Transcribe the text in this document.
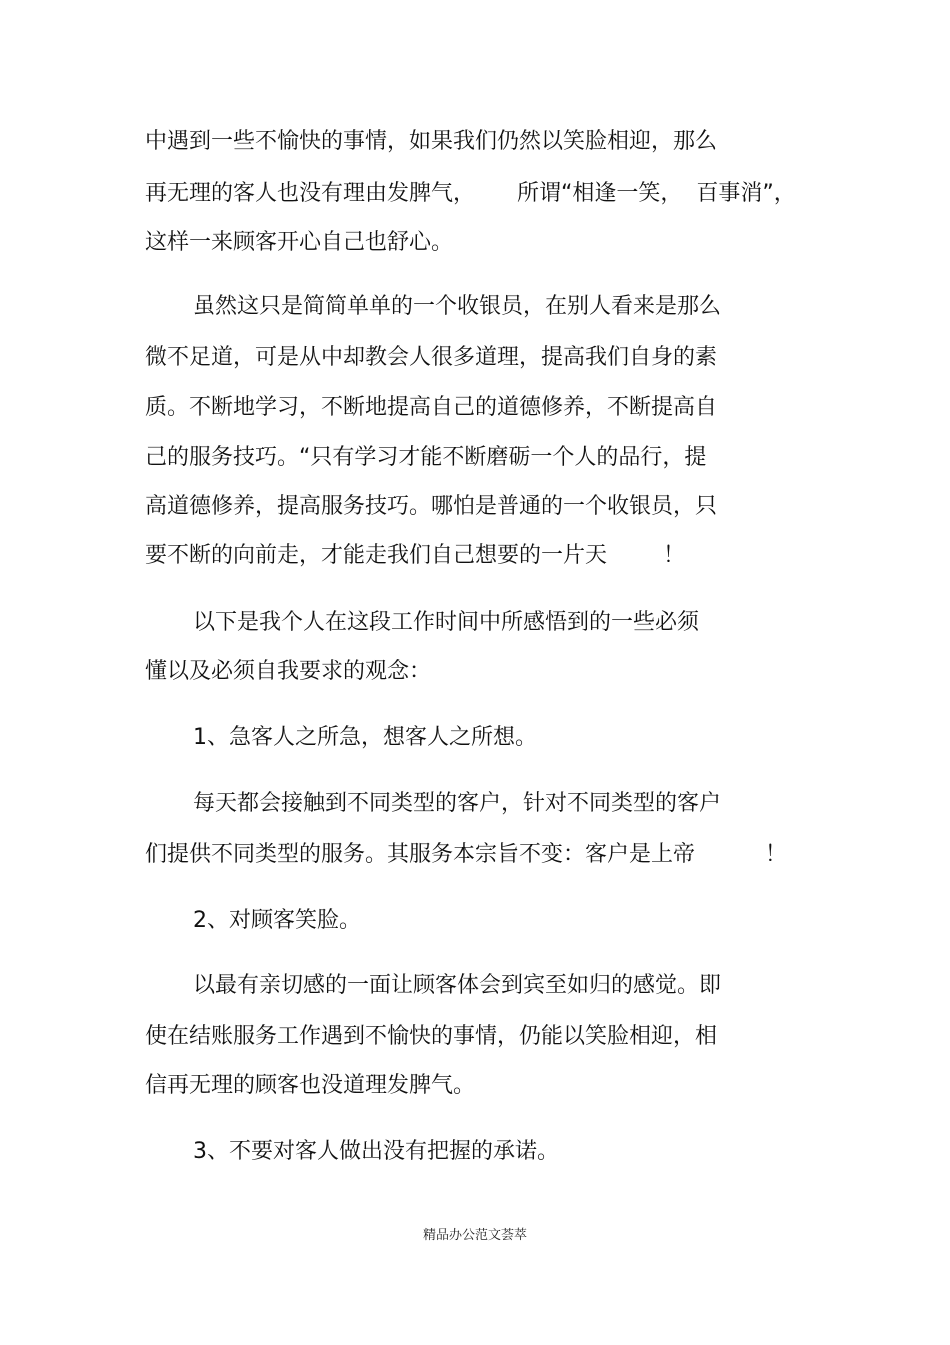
中遇到一些不愉快的事情，如果我们仍然以笑脸相迎，那么
再无理的客人也没有理由发脾气，      所谓“相逢一笑，  百事消”，
这样一来顾客开心自己也舒心。
虽然这只是简简单单的一个收银员，在别人看来是那么
微不足道，可是从中却教会人很多道理，提高我们自身的素
质。不断地学习，不断地提高自己的道德修养，不断提高自
己的服务技巧。“只有学习才能不断磨砺一个人的品行，提
高道德修养，提高服务技巧。哪怕是普通的一个收银员，只
要不断的向前走，才能走我们自己想要的一片天        ！
以下是我个人在这段工作时间中所感悟到的一些必须
懂以及必须自我要求的观念：
1、急客人之所急，想客人之所想。
每天都会接触到不同类型的客户，针对不同类型的客户
们提供不同类型的服务。其服务本宗旨不变：客户是上帝          ！
2、对顾客笑脸。
以最有亲切感的一面让顾客体会到宾至如归的感觉。即
使在结账服务工作遇到不愉快的事情，仍能以笑脸相迎，相
信再无理的顾客也没道理发脾气。
3、不要对客人做出没有把握的承诺。
精品办公范文荟萃
